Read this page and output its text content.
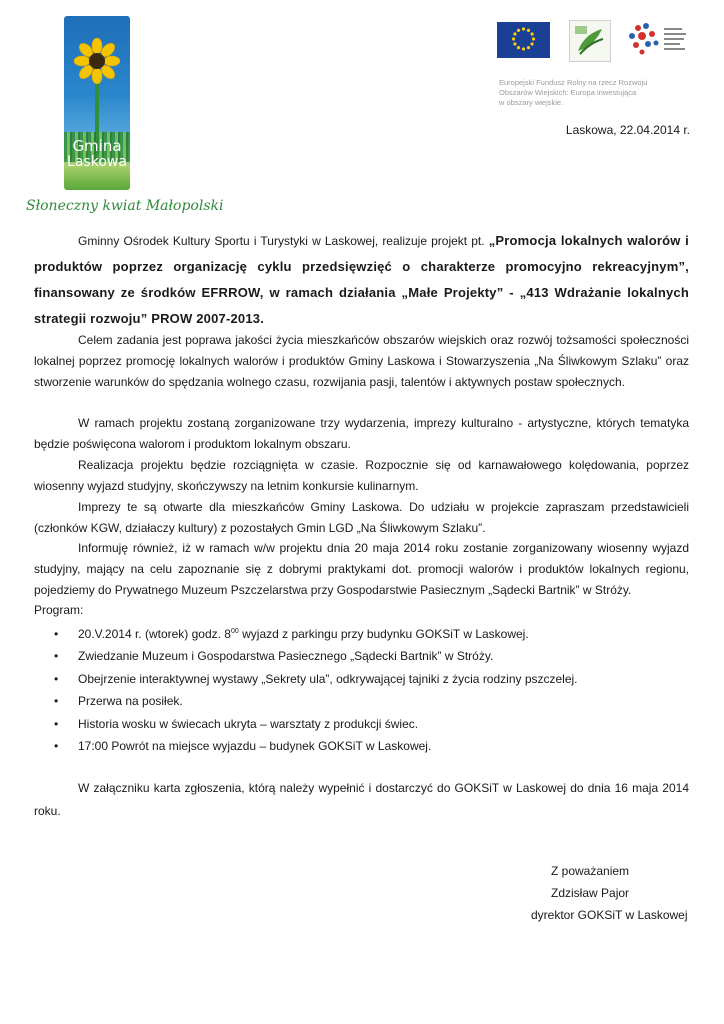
Gmina
Laskowa
Słoneczny kwiat Małopolski
Europejski Fundusz Rolny na rzecz Rozwoju
Obszarów Wiejskich: Europa inwestująca
w obszary wiejskie.
Laskowa, 22.04.2014 r.
Gminny Ośrodek Kultury Sportu i Turystyki w Laskowej, realizuje projekt pt. „Promocja lokalnych walorów i produktów poprzez organizację cyklu przedsięwzięć o charakterze promocyjno rekreacyjnym”, finansowany ze środków EFRROW, w ramach działania „Małe Projekty” - „413 Wdrażanie lokalnych strategii rozwoju” PROW 2007-2013.
Celem zadania jest poprawa jakości życia mieszkańców obszarów wiejskich oraz rozwój tożsamości społeczności lokalnej poprzez promocję lokalnych walorów i produktów Gminy Laskowa i Stowarzyszenia „Na Śliwkowym Szlaku” oraz stworzenie warunków do spędzania wolnego czasu, rozwijania pasji, talentów i aktywnych postaw społecznych.
W ramach projektu zostaną zorganizowane trzy wydarzenia, imprezy kulturalno - artystyczne, których tematyka będzie poświęcona walorom i produktom lokalnym obszaru.
Realizacja projektu będzie rozciągnięta w czasie. Rozpocznie się od karnawałowego kolędowania, poprzez wiosenny wyjazd studyjny, skończywszy na letnim konkursie kulinarnym.
Imprezy te są otwarte dla mieszkańców Gminy Laskowa. Do udziału w projekcie zapraszam przedstawicieli (członków KGW, działaczy kultury) z pozostałych Gmin LGD „Na Śliwkowym Szlaku”.
Informuję również, iż w ramach w/w projektu dnia 20 maja 2014 roku zostanie zorganizowany wiosenny wyjazd studyjny, mający na celu zapoznanie się z dobrymi praktykami dot. promocji walorów i produktów lokalnych regionu, pojedziemy do Prywatnego Muzeum Pszczelarstwa przy Gospodarstwie Pasiecznym „Sądecki Bartnik” w Stróży.
Program:
• 20.V.2014 r. (wtorek) godz. $8^{00}$ wyjazd z parkingu przy budynku GOKSiT w Laskowej.
• Zwiedzanie Muzeum i Gospodarstwa Pasiecznego „Sądecki Bartnik” w Stróży.
• Obejrzenie interaktywnej wystawy „Sekrety ula”, odkrywającej tajniki z życia rodziny pszczelej.
• Przerwa na posiłek.
• Historia wosku w świecach ukryta – warsztaty z produkcji świec.
• 17:00 Powrót na miejsce wyjazdu – budynek GOKSiT w Laskowej.
W załączniku karta zgłoszenia, którą należy wypełnić i dostarczyć do GOKSiT w Laskowej do dnia 16 maja 2014 roku.
Z poważaniem
Zdzisław Pajor
dyrektor GOKSiT w Laskowej
